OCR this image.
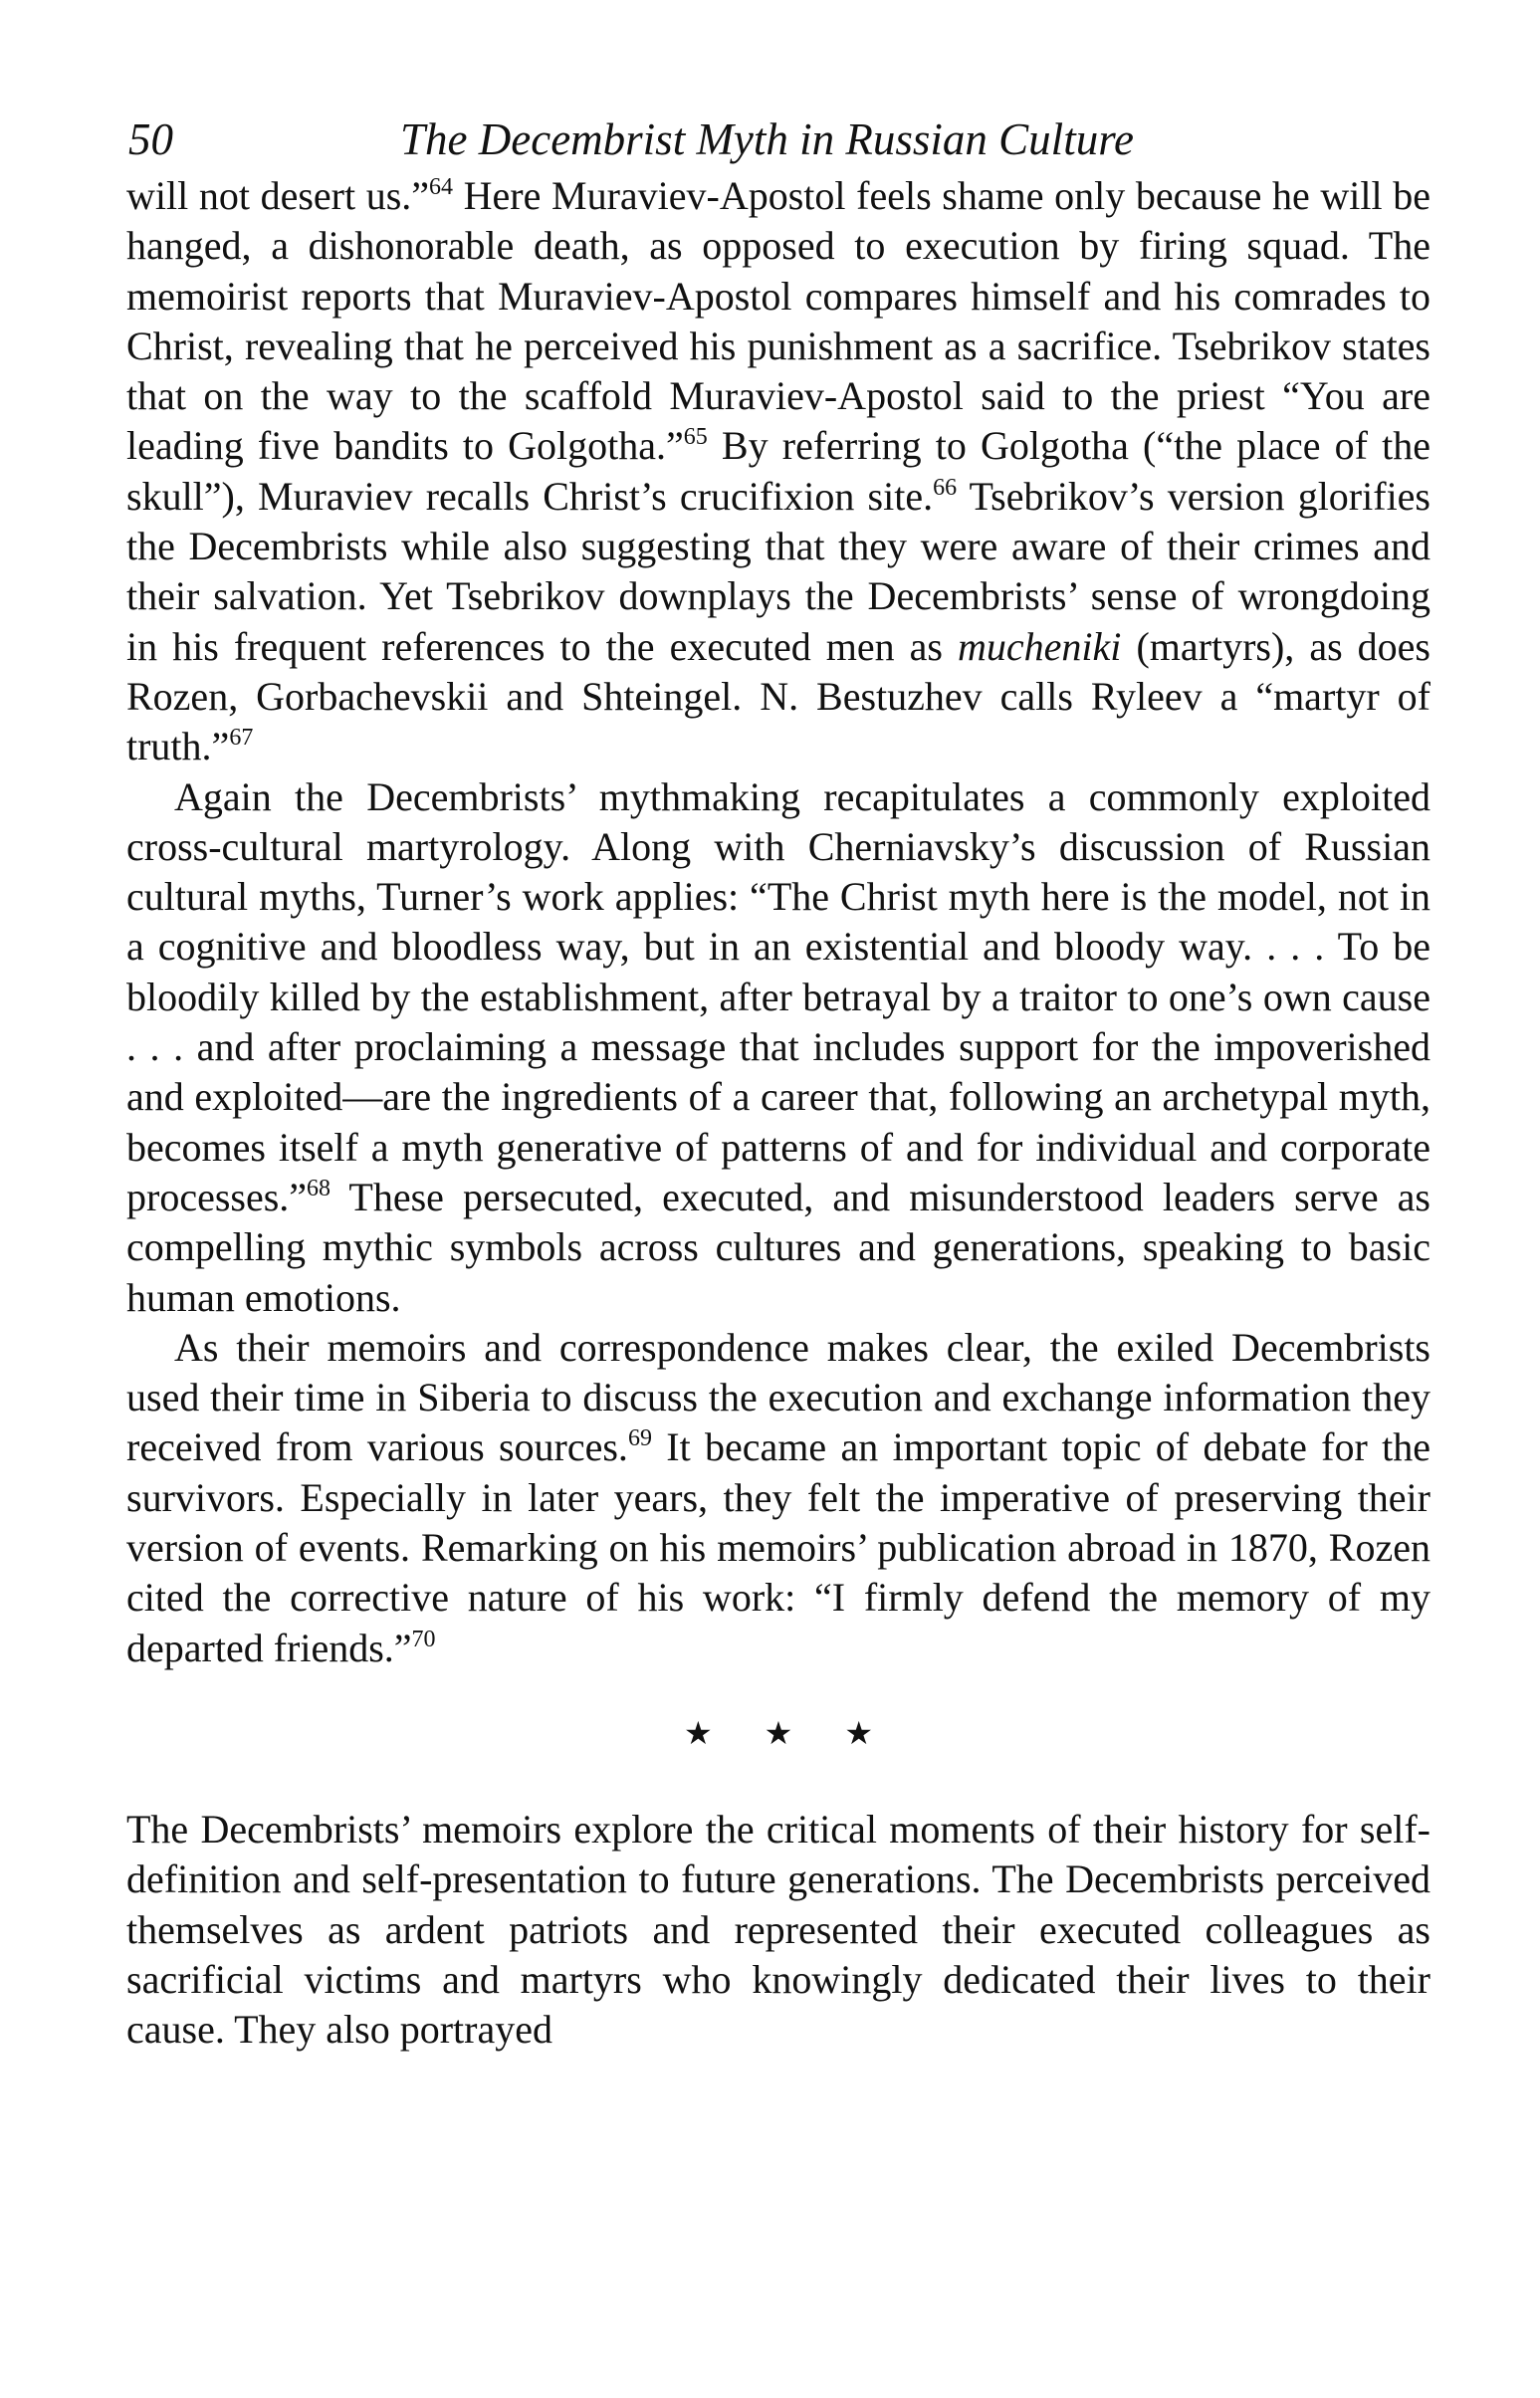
50	The Decembrist Myth in Russian Culture

will not desert us.”$^{64}$ Here Muraviev-Apostol feels shame only because he will be hanged, a dishonorable death, as opposed to execution by firing squad. The memoirist reports that Muraviev-Apostol compares himself and his comrades to Christ, revealing that he perceived his punishment as a sacrifice. Tsebrikov states that on the way to the scaffold Muraviev-Apostol said to the priest “You are leading five bandits to Golgotha.”$^{65}$ By referring to Golgotha (“the place of the skull”), Muraviev recalls Christ’s crucifixion site.$^{66}$ Tsebrikov’s version glorifies the Decembrists while also suggesting that they were aware of their crimes and their salvation. Yet Tsebrikov downplays the Decembrists’ sense of wrongdoing in his frequent references to the executed men as mucheniki (martyrs), as does Rozen, Gorbachevskii and Shteingel. N. Bestuzhev calls Ryleev a “martyr of truth.”$^{67}$

Again the Decembrists’ mythmaking recapitulates a commonly exploited cross-cultural martyrology. Along with Cherniavsky’s discussion of Russian cultural myths, Turner’s work applies: “The Christ myth here is the model, not in a cognitive and bloodless way, but in an existential and bloody way. . . . To be bloodily killed by the establishment, after betrayal by a traitor to one’s own cause . . . and after proclaiming a message that includes support for the impoverished and exploited—are the ingredients of a career that, following an archetypal myth, becomes itself a myth generative of patterns of and for individual and corporate processes.”$^{68}$ These persecuted, executed, and misunderstood leaders serve as compelling mythic symbols across cultures and generations, speaking to basic human emotions.

As their memoirs and correspondence makes clear, the exiled Decembrists used their time in Siberia to discuss the execution and exchange information they received from various sources.$^{69}$ It became an important topic of debate for the survivors. Especially in later years, they felt the imperative of preserving their version of events. Remarking on his memoirs’ publication abroad in 1870, Rozen cited the corrective nature of his work: “I firmly defend the memory of my departed friends.”$^{70}$

★ ★ ★

The Decembrists’ memoirs explore the critical moments of their history for self-definition and self-presentation to future generations. The Decembrists perceived themselves as ardent patriots and represented their executed colleagues as sacrificial victims and martyrs who knowingly dedicated their lives to their cause. They also portrayed
